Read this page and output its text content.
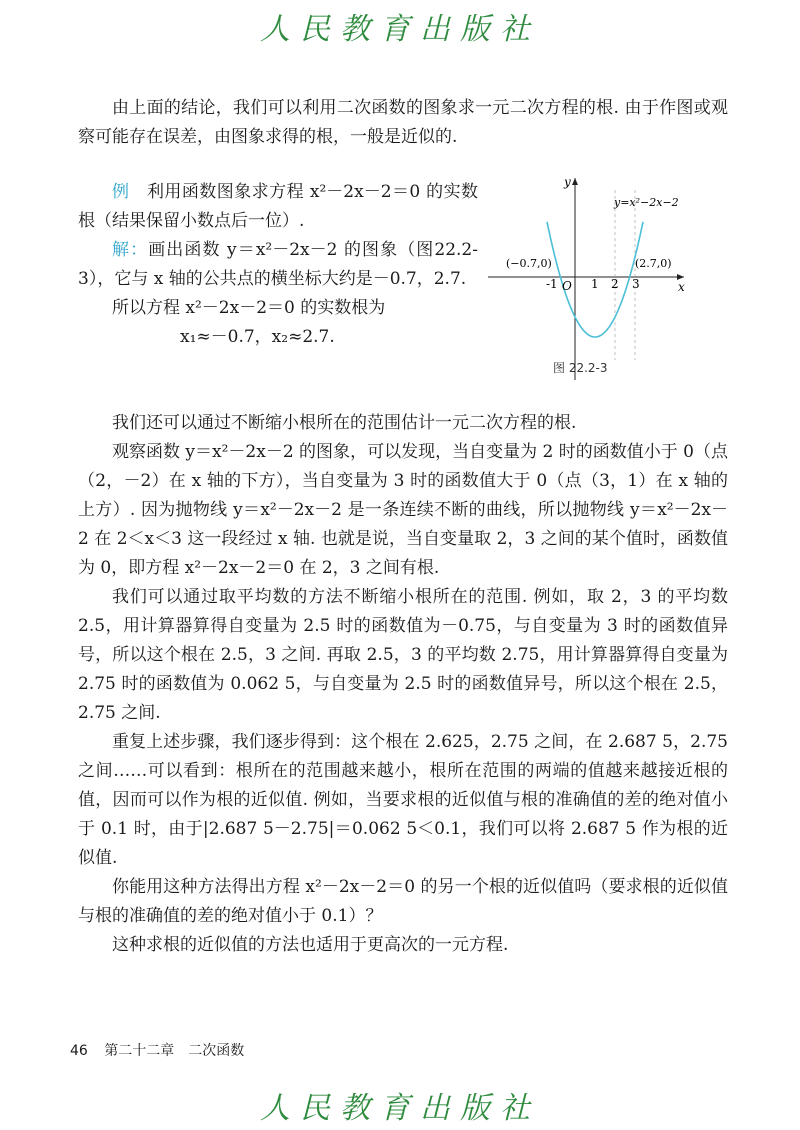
人民教育出版社

由上面的结论，我们可以利用二次函数的图象求一元二次方程的根. 由于作图或观察可能存在误差，由图象求得的根，一般是近似的.

例　 利用函数图象求方程 x²－2x－2＝0 的实数根（结果保留小数点后一位）.

解：画出函数 y＝x²－2x－2 的图象（图22.2-3），它与 x 轴的公共点的横坐标大约是－0.7，2.7.

所以方程 x²－2x－2＝0 的实数根为

x₁≈－0.7，x₂≈2.7.

x
y
O
-1	1 2 3
(−0.7,0)	(2.7,0)
y=x²−2x−2
图 22.2-3

我们还可以通过不断缩小根所在的范围估计一元二次方程的根.

观察函数 y＝x²－2x－2 的图象，可以发现，当自变量为 2 时的函数值小于 0（点（2，－2）在 x 轴的下方），当自变量为 3 时的函数值大于 0（点（3，1）在 x 轴的上方）. 因为抛物线 y＝x²－2x－2 是一条连续不断的曲线，所以抛物线 y＝x²－2x－2 在 2＜x＜3 这一段经过 x 轴. 也就是说，当自变量取 2，3 之间的某个值时，函数值为 0，即方程 x²－2x－2＝0 在 2，3 之间有根.

我们可以通过取平均数的方法不断缩小根所在的范围. 例如，取 2，3 的平均数 2.5，用计算器算得自变量为 2.5 时的函数值为－0.75，与自变量为 3 时的函数值异号，所以这个根在 2.5，3 之间. 再取 2.5，3 的平均数 2.75，用计算器算得自变量为 2.75 时的函数值为 0.062 5，与自变量为 2.5 时的函数值异号，所以这个根在 2.5，2.75 之间.

重复上述步骤，我们逐步得到：这个根在 2.625，2.75 之间，在 2.687 5，2.75 之间……可以看到：根所在的范围越来越小，根所在范围的两端的值越来越接近根的值，因而可以作为根的近似值. 例如，当要求根的近似值与根的准确值的差的绝对值小于 0.1 时，由于|2.687 5－2.75|＝0.062 5＜0.1，我们可以将 2.687 5 作为根的近似值.

你能用这种方法得出方程 x²－2x－2＝0 的另一个根的近似值吗（要求根的近似值与根的准确值的差的绝对值小于 0.1）？

这种求根的近似值的方法也适用于更高次的一元方程.

46 第二十二章　二次函数
人民教育出版社
